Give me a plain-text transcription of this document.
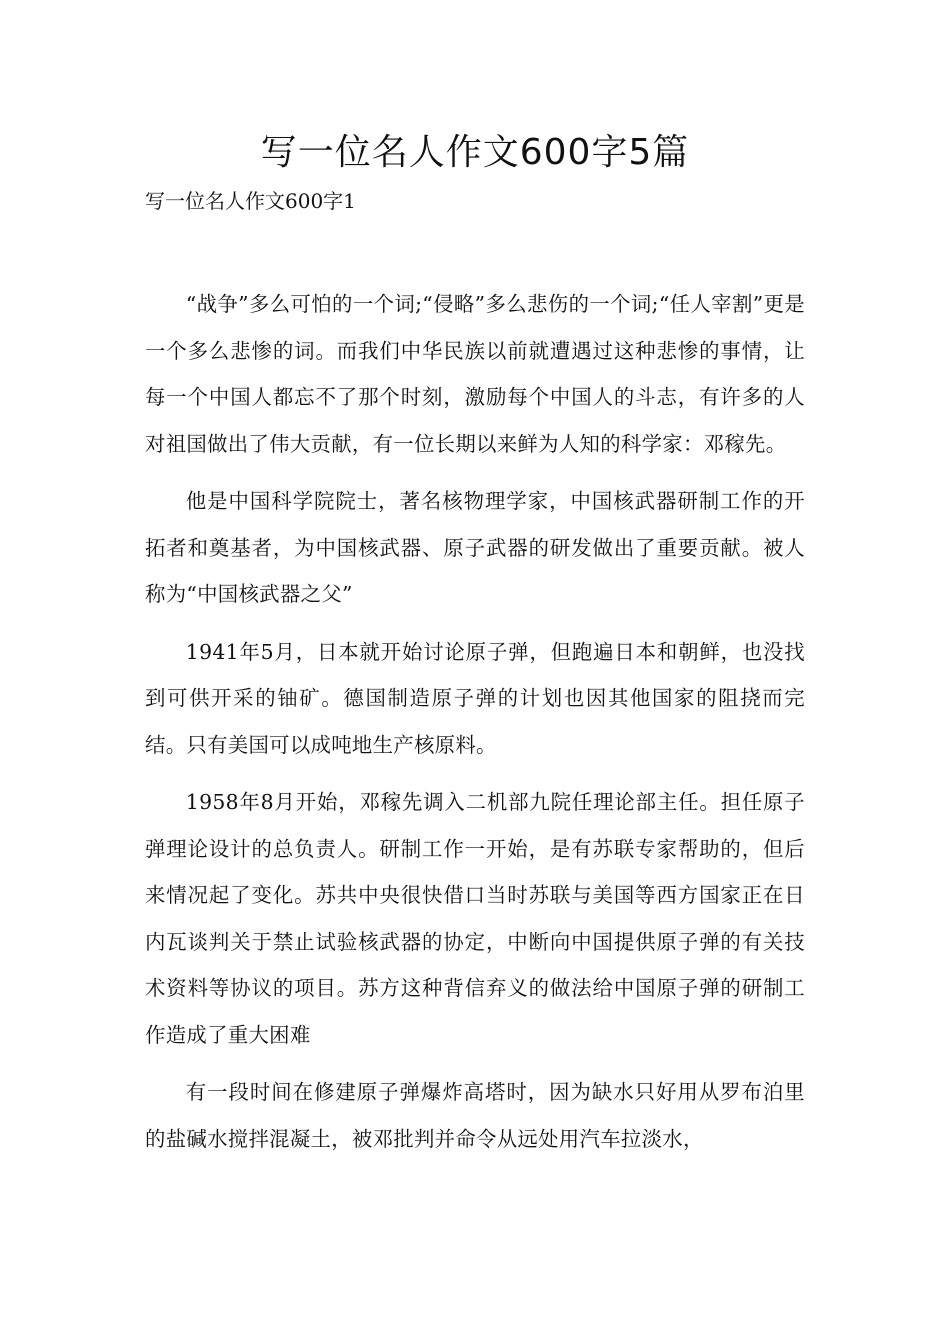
写一位名人作文600字5篇

写一位名人作文600字1

“战争”多么可怕的一个词;“侵略”多么悲伤的一个词;“任人宰割”更是一个多么悲惨的词。而我们中华民族以前就遭遇过这种悲惨的事情，让每一个中国人都忘不了那个时刻，激励每个中国人的斗志，有许多的人对祖国做出了伟大贡献，有一位长期以来鲜为人知的科学家：邓稼先。

他是中国科学院院士，著名核物理学家，中国核武器研制工作的开拓者和奠基者，为中国核武器、原子武器的研发做出了重要贡献。被人称为“中国核武器之父”

1941年5月，日本就开始讨论原子弹，但跑遍日本和朝鲜，也没找到可供开采的铀矿。德国制造原子弹的计划也因其他国家的阻挠而完结。只有美国可以成吨地生产核原料。

1958年8月开始，邓稼先调入二机部九院任理论部主任。担任原子弹理论设计的总负责人。研制工作一开始，是有苏联专家帮助的，但后来情况起了变化。苏共中央很快借口当时苏联与美国等西方国家正在日内瓦谈判关于禁止试验核武器的协定，中断向中国提供原子弹的有关技术资料等协议的项目。苏方这种背信弃义的做法给中国原子弹的研制工作造成了重大困难

有一段时间在修建原子弹爆炸高塔时，因为缺水只好用从罗布泊里的盐碱水搅拌混凝土，被邓批判并命令从远处用汽车拉淡水，
